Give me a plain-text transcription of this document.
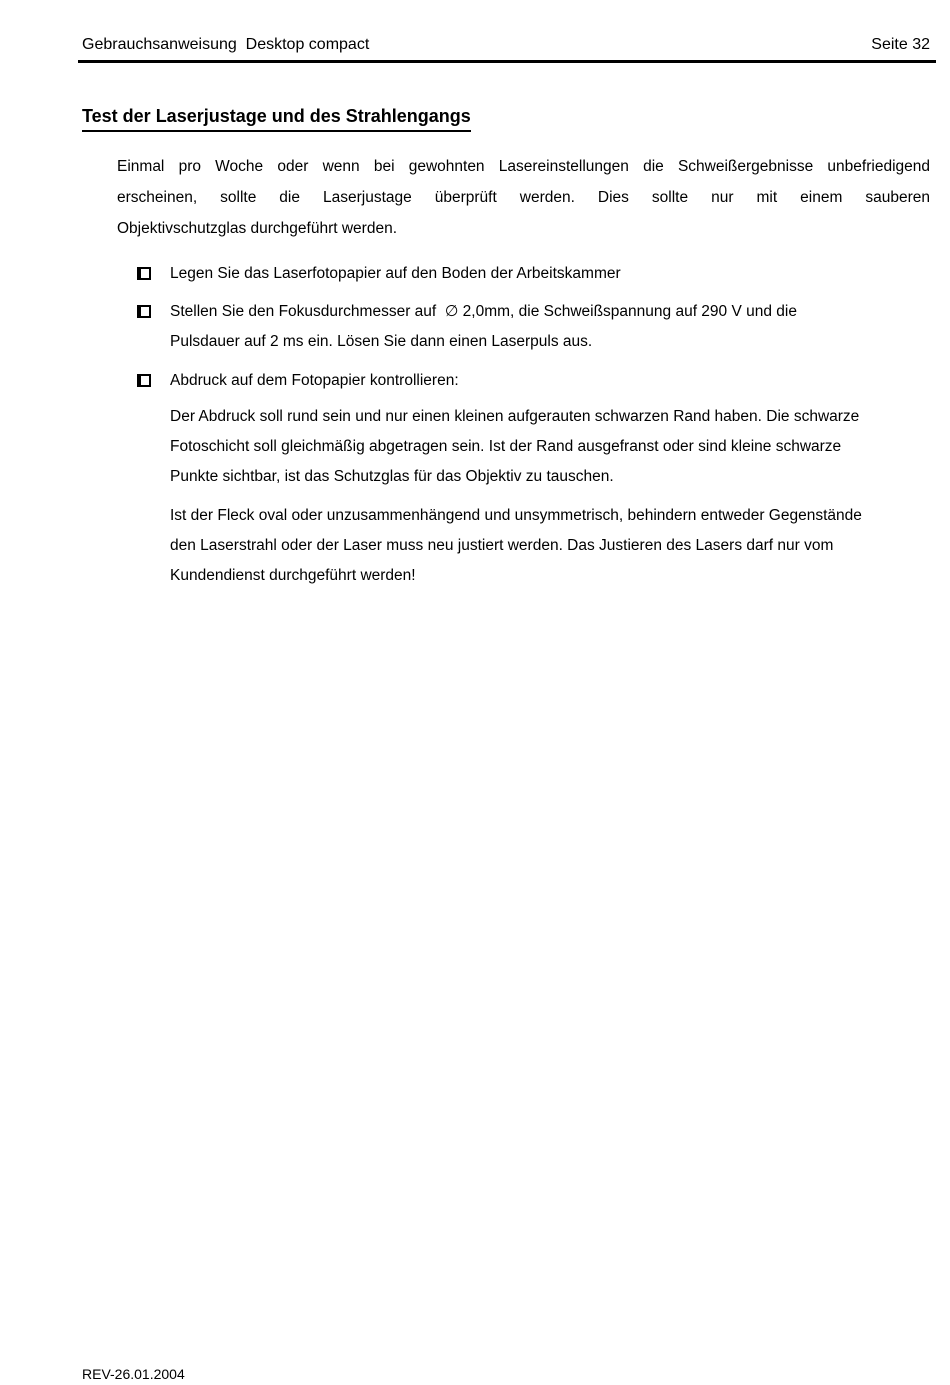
Gebrauchsanweisung  Desktop compact	Seite 32
Test der Laserjustage und des Strahlengangs
Einmal pro Woche oder wenn bei gewohnten Lasereinstellungen die Schweißergebnisse unbefriedigend
erscheinen, sollte die Laserjustage überprüft werden. Dies sollte nur mit einem sauberen
Objektivschutzglas durchgeführt werden.
Legen Sie das Laserfotopapier auf den Boden der Arbeitskammer
Stellen Sie den Fokusdurchmesser auf  ∅ 2,0mm, die Schweißspannung auf 290 V und die
Pulsdauer auf 2 ms ein. Lösen Sie dann einen Laserpuls aus.
Abdruck auf dem Fotopapier kontrollieren:
Der Abdruck soll rund sein und nur einen kleinen aufgerauten schwarzen Rand haben. Die schwarze
Fotoschicht soll gleichmäßig abgetragen sein. Ist der Rand ausgefranst oder sind kleine schwarze
Punkte sichtbar, ist das Schutzglas für das Objektiv zu tauschen.
Ist der Fleck oval oder unzusammenhängend und unsymmetrisch, behindern entweder Gegenstände
den Laserstrahl oder der Laser muss neu justiert werden. Das Justieren des Lasers darf nur vom
Kundendienst durchgeführt werden!
REV-26.01.2004
